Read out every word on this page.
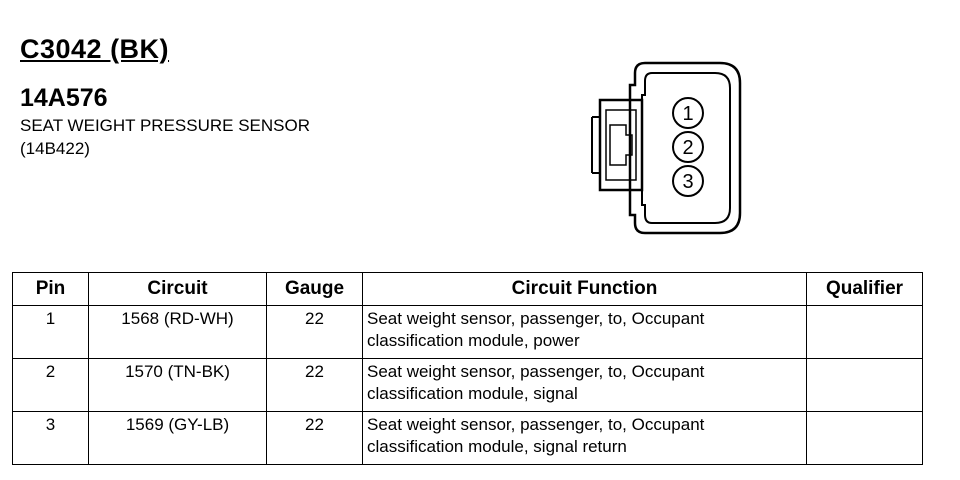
C3042 (BK)
14A576
SEAT WEIGHT PRESSURE SENSOR
(14B422)
1
2
3
Pin	Circuit	Gauge	Circuit Function	Qualifier
1	1568 (RD-WH)	22	Seat weight sensor, passenger, to, Occupant
classification module, power	

2	1570 (TN-BK)	22	Seat weight sensor, passenger, to, Occupant
classification module, signal	

3	1569 (GY-LB)	22	Seat weight sensor, passenger, to, Occupant
classification module, signal return	
